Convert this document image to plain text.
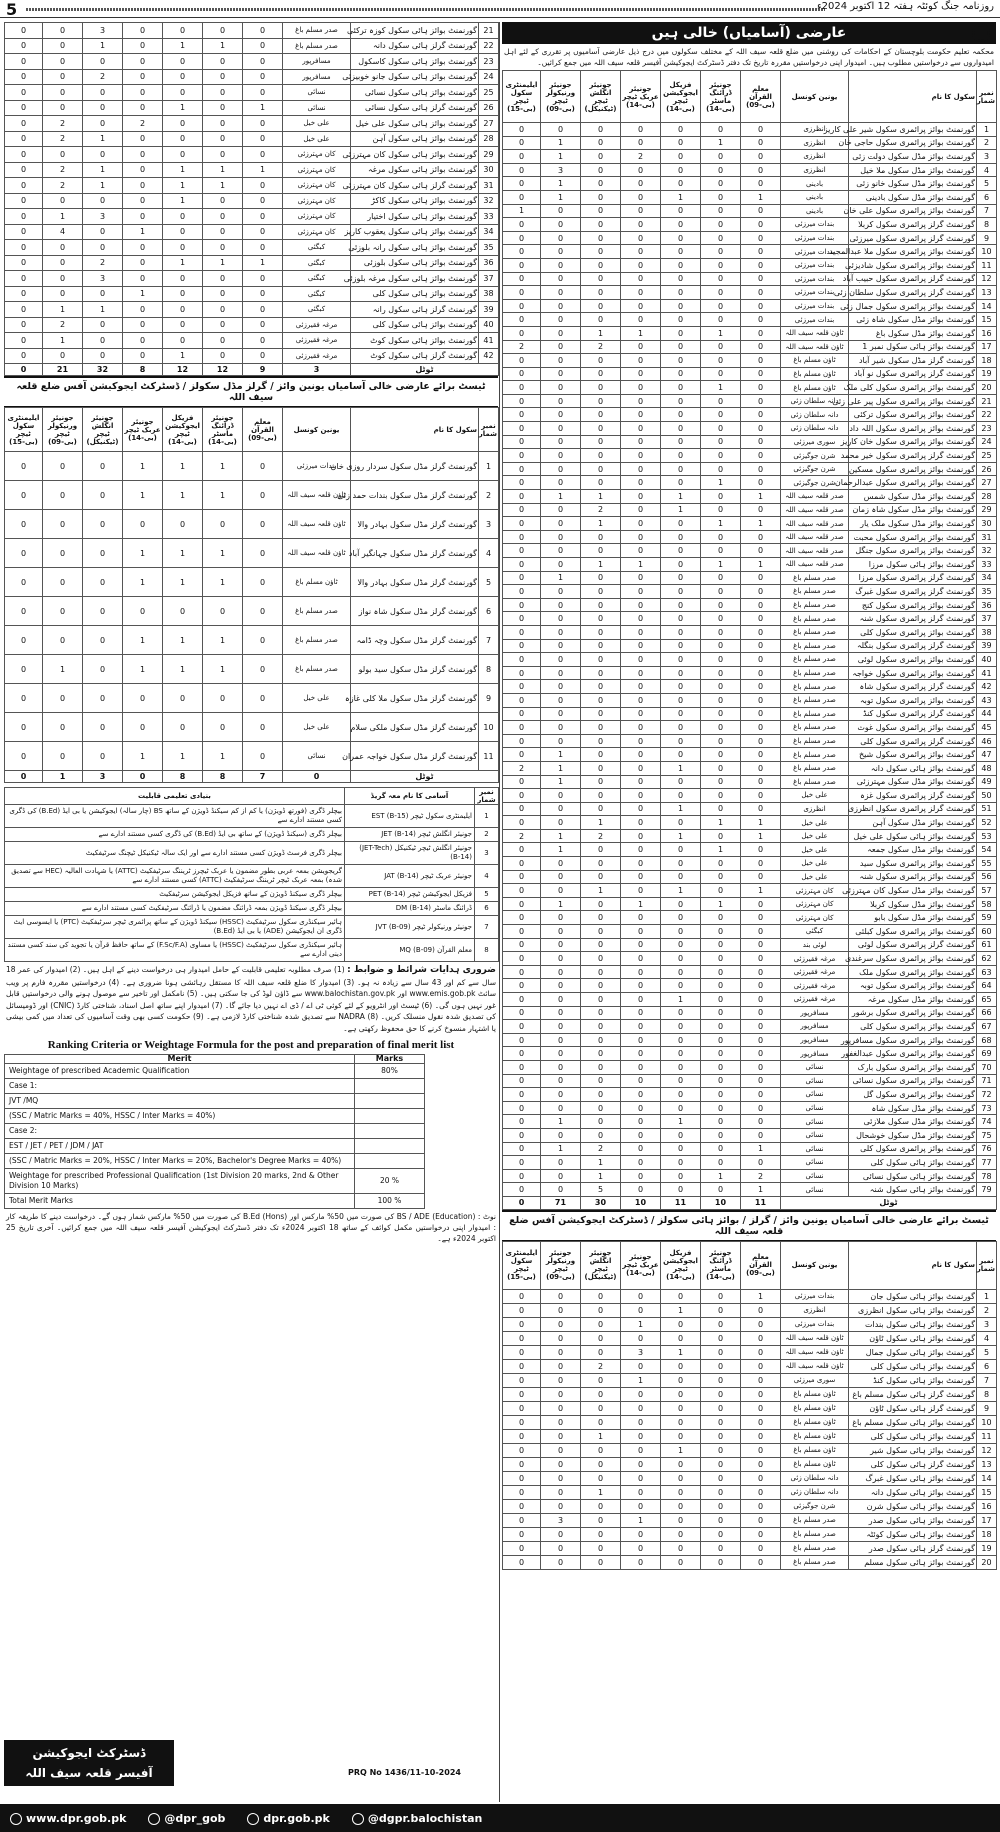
5	روزنامہ جنگ کوئٹہ ہفتہ 12 اکتوبر 2024ء
عارضی (آسامیاں) خالی ہیں
محکمہ تعلیم حکومت بلوچستان کے احکامات کی روشنی میں ضلع قلعہ سیف اللہ کے مختلف سکولوں میں درج ذیل عارضی آسامیوں پر تقرری کے لئے اہل امیدواروں سے درخواستیں مطلوب ہیں۔ امیدوار اپنی درخواستیں مقررہ تاریخ تک دفتر ڈسٹرکٹ ایجوکیشن آفیسر قلعہ سیف اللہ میں جمع کرائیں۔
نمبر شمار	سکول کا نام	یونین کونسل	معلم القرآن (بی-09)	جونیئر ڈرائنگ ماسٹر (بی-14)	فزیکل ایجوکیشن ٹیچر (بی-14)	جونیئر عربک ٹیچر (بی-14)	جونیئر انگلش ٹیچر (ٹیکنیکل)	جونیئر ورنیکولر ٹیچر (بی-09)	ایلیمنٹری سکول ٹیچر (بی-15)
1	گورنمنٹ بوائز پرائمری سکول شیر علی کاریز	انظرزی	0	0	0	0	0	0	0
2	گورنمنٹ بوائز پرائمری سکول حاجی خان	انظرزی	0	1	0	0	0	1	0
3	گورنمنٹ بوائز مڈل سکول دولت زئی	انظرزی	0	0	0	2	0	1	0
4	گورنمنٹ بوائز مڈل سکول ملا خیل	انظرزی	0	0	0	0	0	3	0
5	گورنمنٹ بوائز مڈل سکول خانو زئی	بادینی	0	0	0	0	0	1	0
6	گورنمنٹ بوائز مڈل سکول بادینی	بادینی	1	0	1	0	0	1	0
7	گورنمنٹ بوائز پرائمری سکول علی خان	بادینی	0	0	0	0	0	0	1
8	گورنمنٹ گرلز پرائمری سکول کربلا	بندات میرزئی	0	0	0	0	0	0	0
9	گورنمنٹ گرلز پرائمری سکول میرزئی	بندات میرزئی	0	0	0	0	0	0	0
10	گورنمنٹ بوائز پرائمری سکول ملا عبدالمجید	بندات میرزئی	0	0	0	0	0	0	0
11	گورنمنٹ بوائز پرائمری سکول شادیزئی	بندات میرزئی	0	0	0	0	0	0	0
12	گورنمنٹ گرلز پرائمری سکول حبیب آباد	بندات میرزئی	0	0	0	0	0	0	0
13	گورنمنٹ گرلز پرائمری سکول سلطان زئی	بندات میرزئی	0	0	0	0	0	0	0
14	گورنمنٹ بوائز پرائمری سکول جمال زئی	بندات میرزئی	0	0	0	0	0	0	0
15	گورنمنٹ بوائز مڈل سکول شاہ زئی	بندات میرزئی	0	0	0	0	0	0	0
16	گورنمنٹ بوائز مڈل سکول باغ	ٹاؤن قلعہ سیف اللہ	0	1	0	1	1	0	0
17	گورنمنٹ بوائز ہائی سکول نمبر 1	ٹاؤن قلعہ سیف اللہ	0	0	0	0	2	0	2
18	گورنمنٹ گرلز مڈل سکول شیر آباد	ٹاؤن مسلم باغ	0	0	0	0	0	0	0
19	گورنمنٹ گرلز پرائمری سکول نو آباد	ٹاؤن مسلم باغ	0	0	0	0	0	0	0
20	گورنمنٹ بوائز پرائمری سکول کلی ملک	ٹاؤن مسلم باغ	0	1	0	0	0	0	0
21	گورنمنٹ بوائز پرائمری سکول پیر علی زئی	دانہ سلطان زئی	0	0	0	0	0	0	0
22	گورنمنٹ بوائز پرائمری سکول ترکئی	دانہ سلطان زئی	0	0	0	0	0	0	0
23	گورنمنٹ بوائز پرائمری سکول اللہ داد	دانہ سلطان زئی	0	0	0	0	0	0	0
24	گورنمنٹ بوائز پرائمری سکول خان کاریز	سوری میرزئی	0	0	0	0	0	0	0
25	گورنمنٹ گرلز پرائمری سکول خیر محمد	شرن جوگیزئی	0	0	0	0	0	0	0
26	گورنمنٹ بوائز پرائمری سکول مسکین	شرن جوگیزئی	0	0	0	0	0	0	0
27	گورنمنٹ بوائز پرائمری سکول عبدالرحمان	شرن جوگیزئی	0	1	0	0	0	0	0
28	گورنمنٹ بوائز مڈل سکول شمس	صدر قلعہ سیف اللہ	1	0	1	0	1	1	0
29	گورنمنٹ بوائز مڈل سکول شاہ زمان	صدر قلعہ سیف اللہ	0	0	1	0	2	0	0
30	گورنمنٹ بوائز مڈل سکول ملک یار	صدر قلعہ سیف اللہ	1	1	0	0	1	0	0
31	گورنمنٹ بوائز پرائمری سکول محبت	صدر قلعہ سیف اللہ	0	0	0	0	0	0	0
32	گورنمنٹ بوائز پرائمری سکول جنگل	صدر قلعہ سیف اللہ	0	0	0	0	0	0	0
33	گورنمنٹ بوائز ہائی سکول مرزا	صدر قلعہ سیف اللہ	1	1	0	1	1	0	0
34	گورنمنٹ گرلز پرائمری سکول مرزا	صدر مسلم باغ	0	0	0	0	0	1	0
35	گورنمنٹ گرلز پرائمری سکول غبرگ	صدر مسلم باغ	0	0	0	0	0	0	0
36	گورنمنٹ بوائز پرائمری سکول کنج	صدر مسلم باغ	0	0	0	0	0	0	0
37	گورنمنٹ گرلز پرائمری سکول شنہ	صدر مسلم باغ	0	0	0	0	0	0	0
38	گورنمنٹ بوائز پرائمری سکول کلی	صدر مسلم باغ	0	0	0	0	0	0	0
39	گورنمنٹ گرلز پرائمری سکول بنگلہ	صدر مسلم باغ	0	0	0	0	0	0	0
40	گورنمنٹ بوائز پرائمری سکول لوئی	صدر مسلم باغ	0	0	0	0	0	0	0
41	گورنمنٹ بوائز پرائمری سکول خواجہ	صدر مسلم باغ	0	0	0	0	0	0	0
42	گورنمنٹ گرلز پرائمری سکول شاہ	صدر مسلم باغ	0	0	0	0	0	0	0
43	گورنمنٹ بوائز پرائمری سکول توبہ	صدر مسلم باغ	0	0	0	0	0	0	0
44	گورنمنٹ گرلز پرائمری سکول کنڈ	صدر مسلم باغ	0	0	0	0	0	0	0
45	گورنمنٹ بوائز پرائمری سکول غوث	صدر مسلم باغ	0	0	0	0	0	0	0
46	گورنمنٹ گرلز پرائمری سکول کلی	صدر مسلم باغ	0	0	0	0	0	0	0
47	گورنمنٹ بوائز پرائمری سکول شیخ	صدر مسلم باغ	0	0	0	0	0	1	0
48	گورنمنٹ بوائز ہائی سکول دانہ	صدر مسلم باغ	0	0	1	0	0	1	2
49	گورنمنٹ بوائز مڈل سکول مہترزئی	صدر مسلم باغ	0	0	0	0	0	1	0
50	گورنمنٹ گرلز پرائمری سکول غزہ	علی خیل	0	0	0	0	0	0	0
51	گورنمنٹ گرلز پرائمری سکول انظرزی	انظرزی	0	0	1	0	0	0	0
52	گورنمنٹ بوائز مڈل سکول آہن	علی خیل	1	1	0	0	1	0	0
53	گورنمنٹ بوائز ہائی سکول علی خیل	علی خیل	1	0	1	0	2	1	2
54	گورنمنٹ بوائز مڈل سکول جمعہ	علی خیل	0	1	0	0	0	1	0
55	گورنمنٹ بوائز پرائمری سکول سید	علی خیل	0	0	0	0	0	0	0
56	گورنمنٹ بوائز پرائمری سکول شنہ	علی خیل	0	0	0	0	0	0	0
57	گورنمنٹ بوائز مڈل سکول کان مہترزئی	کان مہترزئی	1	0	1	0	1	0	0
58	گورنمنٹ بوائز مڈل سکول کربلا	کان مہترزئی	0	1	0	1	0	1	0
59	گورنمنٹ بوائز مڈل سکول بابو	کان مہترزئی	0	0	0	0	0	0	0
60	گورنمنٹ بوائز پرائمری سکول کبلئی	کبگئی	0	0	0	0	0	0	0
61	گورنمنٹ گرلز پرائمری سکول لوئی	لوئی بند	0	0	0	0	0	0	0
62	گورنمنٹ بوائز پرائمری سکول سرغندی	مرغہ فقیرزئی	0	0	0	0	0	0	0
63	گورنمنٹ بوائز پرائمری سکول ملک	مرغہ فقیرزئی	0	0	0	0	0	0	0
64	گورنمنٹ بوائز پرائمری سکول توبہ	مرغہ فقیرزئی	0	0	0	0	0	0	0
65	گورنمنٹ بوائز مڈل سکول مرغہ	مرغہ فقیرزئی	0	0	1	0	0	0	0
66	گورنمنٹ بوائز پرائمری سکول برشور	مسافرپور	0	0	0	0	0	0	0
67	گورنمنٹ بوائز پرائمری سکول کلی	مسافرپور	0	0	0	0	0	0	0
68	گورنمنٹ بوائز پرائمری سکول مسافرپور	مسافرپور	0	0	0	0	0	0	0
69	گورنمنٹ بوائز پرائمری سکول عبدالغفور	مسافرپور	0	0	0	0	0	0	0
70	گورنمنٹ بوائز پرائمری سکول بارک	نسائی	0	0	0	0	0	0	0
71	گورنمنٹ بوائز پرائمری سکول نسائی	نسائی	0	0	0	0	0	0	0
72	گورنمنٹ بوائز پرائمری سکول گل	نسائی	0	0	0	0	0	0	0
73	گورنمنٹ بوائز مڈل سکول شاہ	نسائی	0	0	0	0	0	0	0
74	گورنمنٹ بوائز مڈل سکول ملازئی	نسائی	0	0	1	0	0	1	0
75	گورنمنٹ بوائز مڈل سکول خوشحال	نسائی	0	0	0	0	0	0	0
76	گورنمنٹ بوائز پرائمری سکول کلی	نسائی	1	0	0	0	2	1	0
77	گورنمنٹ بوائز ہائی سکول کلی	نسائی	0	0	0	0	1	0	0
78	گورنمنٹ بوائز ہائی سکول نسائی	نسائی	2	1	0	0	1	0	0
79	گورنمنٹ بوائز ہائی سکول شنہ	نسائی	1	0	0	0	5	0	0
ٹوٹل			11	10	11	10	30	71	0
ٹیسٹ برائے عارضی خالی آسامیاں یونین وائز / گرلز / بوائز ہائی سکولز / ڈسٹرکٹ ایجوکیشن آفس ضلع قلعہ سیف اللہ
نمبر شمار	سکول کا نام	یونین کونسل	معلم القرآن (بی-09)	جونیئر ڈرائنگ ماسٹر (بی-14)	فزیکل ایجوکیشن ٹیچر (بی-14)	جونیئر عربک ٹیچر (بی-14)	جونیئر انگلش ٹیچر (ٹیکنیکل)	جونیئر ورنیکولر ٹیچر (بی-09)	ایلیمنٹری سکول ٹیچر (بی-15)
1	گورنمنٹ بوائز ہائی سکول جان	بندات میرزئی	1	0	0	0	0	0	0
2	گورنمنٹ بوائز ہائی سکول انظرزی	انظرزی	0	0	1	0	0	0	0
3	گورنمنٹ بوائز ہائی سکول بندات	بندات میرزئی	0	0	0	1	0	0	0
4	گورنمنٹ بوائز ہائی سکول ٹاؤن	ٹاؤن قلعہ سیف اللہ	0	0	0	0	0	0	0
5	گورنمنٹ بوائز ہائی سکول جمال	ٹاؤن قلعہ سیف اللہ	0	0	1	3	0	0	0
6	گورنمنٹ بوائز ہائی سکول کلی	ٹاؤن قلعہ سیف اللہ	0	0	0	0	2	0	0
7	گورنمنٹ بوائز ہائی سکول کنڈ	سوری میرزئی	0	0	0	1	0	0	0
8	گورنمنٹ گرلز ہائی سکول مسلم باغ	ٹاؤن مسلم باغ	0	0	0	0	0	0	0
9	گورنمنٹ گرلز ہائی سکول ٹاؤن	ٹاؤن مسلم باغ	0	0	0	0	0	0	0
10	گورنمنٹ بوائز ہائی سکول مسلم باغ	ٹاؤن مسلم باغ	0	0	0	0	0	0	0
11	گورنمنٹ بوائز ہائی سکول کلی	ٹاؤن مسلم باغ	0	0	0	0	1	0	0
12	گورنمنٹ بوائز ہائی سکول شیر	ٹاؤن مسلم باغ	0	0	1	0	0	0	0
13	گورنمنٹ گرلز ہائی سکول کلی	ٹاؤن مسلم باغ	0	0	0	0	0	0	0
14	گورنمنٹ بوائز ہائی سکول غبرگ	دانہ سلطان زئی	0	0	0	0	0	0	0
15	گورنمنٹ بوائز ہائی سکول دانہ	دانہ سلطان زئی	0	0	0	0	1	0	0
16	گورنمنٹ بوائز ہائی سکول شرن	شرن جوگیزئی	0	0	0	0	0	0	0
17	گورنمنٹ بوائز ہائی سکول صدر	صدر مسلم باغ	0	0	0	1	0	3	0
18	گورنمنٹ بوائز ہائی سکول کوئٹہ	صدر مسلم باغ	0	0	0	0	0	0	0
19	گورنمنٹ گرلز ہائی سکول صدر	صدر مسلم باغ	0	0	0	0	0	0	0
20	گورنمنٹ بوائز ہائی سکول مسلم	صدر مسلم باغ	0	0	0	0	0	0	0
21	گورنمنٹ بوائز ہائی سکول کوزہ ترکئی	صدر مسلم باغ	0	0	0	0	3	0	0
22	گورنمنٹ گرلز ہائی سکول دانہ	صدر مسلم باغ	0	1	1	0	1	0	0
23	گورنمنٹ بوائز ہائی سکول کاسکول	مسافرپور	0	0	0	0	0	0	0
24	گورنمنٹ بوائز ہائی سکول جانو خوبیزئی	مسافرپور	0	0	0	0	2	0	0
25	گورنمنٹ بوائز ہائی سکول نسائی	نسائی	0	0	0	0	0	0	0
26	گورنمنٹ گرلز ہائی سکول نسائی	نسائی	1	0	1	0	0	0	0
27	گورنمنٹ بوائز ہائی سکول علی خیل	علی خیل	0	0	0	2	0	2	0
28	گورنمنٹ بوائز ہائی سکول آہن	علی خیل	0	0	0	0	1	2	0
29	گورنمنٹ بوائز ہائی سکول کان مہترزئی	کان مہترزئی	0	0	0	0	0	0	0
30	گورنمنٹ بوائز ہائی سکول مرغہ	کان مہترزئی	1	1	1	0	1	2	0
31	گورنمنٹ گرلز ہائی سکول کان مہترزئی	کان مہترزئی	0	1	1	0	1	2	0
32	گورنمنٹ بوائز ہائی سکول کاکڑ	کان مہترزئی	0	0	1	0	0	0	0
33	گورنمنٹ بوائز ہائی سکول اختیار	کان مہترزئی	0	0	0	0	3	1	0
34	گورنمنٹ بوائز ہائی سکول یعقوب کاریز	کان مہترزئی	0	0	0	1	0	4	0
35	گورنمنٹ بوائز ہائی سکول رانہ بلوزئی	کبگئی	0	0	0	0	0	0	0
36	گورنمنٹ بوائز ہائی سکول بلوزئی	کبگئی	1	1	1	0	2	0	0
37	گورنمنٹ بوائز ہائی سکول مرغہ بلوزئی	کبگئی	0	0	0	0	3	0	0
38	گورنمنٹ بوائز ہائی سکول کلی	کبگئی	0	0	0	1	0	0	0
39	گورنمنٹ گرلز ہائی سکول رانہ	کبگئی	0	0	0	0	1	1	0
40	گورنمنٹ بوائز ہائی سکول کلی	مرغہ فقیرزئی	0	0	0	0	0	2	0
41	گورنمنٹ بوائز ہائی سکول کوٹ	مرغہ فقیرزئی	0	0	0	0	0	1	0
42	گورنمنٹ گرلز ہائی سکول کوٹ	مرغہ فقیرزئی	0	0	1	0	0	0	0
ٹوٹل		3	9	12	12	8	32	21	0
ٹیسٹ برائے عارضی خالی آسامیاں یونین وائز / گرلز مڈل سکولز / ڈسٹرکٹ ایجوکیشن آفس ضلع قلعہ سیف اللہ
نمبر شمار	سکول کا نام	یونین کونسل	معلم القرآن (بی-09)	جونیئر ڈرائنگ ماسٹر (بی-14)	فزیکل ایجوکیشن ٹیچر (بی-14)	جونیئر عربک ٹیچر (بی-14)	جونیئر انگلش ٹیچر (ٹیکنیکل)	جونیئر ورنیکولر ٹیچر (بی-09)	ایلیمنٹری سکول ٹیچر (بی-15)
1	گورنمنٹ گرلز مڈل سکول سردار روزی خان	بندات میرزئی	0	1	1	1	0	0	0
2	گورنمنٹ گرلز مڈل سکول بندات حمد زئی	ٹاؤن قلعہ سیف اللہ	0	1	1	1	0	0	0
3	گورنمنٹ گرلز مڈل سکول بہادر والا	ٹاؤن قلعہ سیف اللہ	0	0	0	0	0	0	0
4	گورنمنٹ گرلز مڈل سکول جہانگیر آباد	ٹاؤن قلعہ سیف اللہ	0	1	1	1	0	0	0
5	گورنمنٹ گرلز مڈل سکول بہادر والا	ٹاؤن مسلم باغ	0	1	1	1	0	0	0
6	گورنمنٹ گرلز مڈل سکول شاہ نواز	صدر مسلم باغ	0	0	0	0	0	0	0
7	گورنمنٹ گرلز مڈل سکول وچہ ڈامہ	صدر مسلم باغ	0	1	1	1	0	0	0
8	گورنمنٹ گرلز مڈل سکول سید بولو	صدر مسلم باغ	0	1	1	1	0	1	0
9	گورنمنٹ گرلز مڈل سکول ملا کلی غازہ	علی خیل	0	0	0	0	0	0	0
10	گورنمنٹ گرلز مڈل سکول ملکی سلام	علی خیل	0	0	0	0	0	0	0
11	گورنمنٹ گرلز مڈل سکول خواجہ عمران	نسائی	0	1	1	1	0	0	0
ٹوٹل		0	7	8	8	0	3	1	0
نمبر شمار	آسامی کا نام معہ گریڈ	بنیادی تعلیمی قابلیت
1	ایلیمنٹری سکول ٹیچر EST (B-15)	بیچلر ڈگری (فورتھ ڈویژن) یا کم از کم سیکنڈ ڈویژن کے ساتھ BS (چار سالہ) ایجوکیشن یا بی ایڈ (B.Ed) کی ڈگری کسی مستند ادارے سے
2	جونیئر انگلش ٹیچر JET (B-14)	بیچلر ڈگری (سیکنڈ ڈویژن) کے ساتھ بی ایڈ (B.Ed) کی ڈگری کسی مستند ادارے سے
3	جونیئر انگلش ٹیچر ٹیکنیکل (JET-Tech) (B-14)	بیچلر ڈگری فرسٹ ڈویژن کسی مستند ادارے سے اور ایک سالہ ٹیکنیکل ٹیچنگ سرٹیفکیٹ
4	جونیئر عربک ٹیچر JAT (B-14)	گریجویشن بمعہ عربی بطور مضمون یا عربک ٹیچرز ٹریننگ سرٹیفکیٹ (ATTC) یا شہادت العالیہ (HEC سے تصدیق شدہ) بمعہ عربک ٹیچر ٹریننگ سرٹیفکیٹ (ATTC) کسی مستند ادارے سے
5	فزیکل ایجوکیشن ٹیچر PET (B-14)	بیچلر ڈگری سیکنڈ ڈویژن کے ساتھ فزیکل ایجوکیشن سرٹیفکیٹ
6	ڈرائنگ ماسٹر DM (B-14)	بیچلر ڈگری سیکنڈ ڈویژن بمعہ ڈرائنگ مضمون یا ڈرائنگ سرٹیفکیٹ کسی مستند ادارے سے
7	جونیئر ورنیکولر ٹیچر JVT (B-09)	ہائیر سیکنڈری سکول سرٹیفکیٹ (HSSC) سیکنڈ ڈویژن کے ساتھ پرائمری ٹیچر سرٹیفکیٹ (PTC) یا ایسوسی ایٹ ڈگری ان ایجوکیشن (ADE) یا بی ایڈ (B.Ed)
8	معلم القرآن MQ (B-09)	ہائیر سیکنڈری سکول سرٹیفکیٹ (HSSC) یا مساوی (F.Sc/F.A) کے ساتھ حافظ قرآن یا تجوید کی سند کسی مستند دینی ادارے سے
ضروری ہدایات شرائط و ضوابط : (1) صرف مطلوبہ تعلیمی قابلیت کے حامل امیدوار ہی درخواست دینے کے اہل ہیں۔ (2) امیدوار کی عمر 18 سال سے کم اور 43 سال سے زیادہ نہ ہو۔ (3) امیدوار کا ضلع قلعہ سیف اللہ کا مستقل رہائشی ہونا ضروری ہے۔ (4) درخواستیں مقررہ فارم پر ویب سائٹ www.emis.gob.pk اور www.balochistan.gov.pk سے ڈاؤن لوڈ کی جا سکتی ہیں۔ (5) نامکمل اور تاخیر سے موصول ہونے والی درخواستیں قابل غور نہیں ہوں گی۔ (6) ٹیسٹ اور انٹرویو کے لئے کوئی ٹی اے / ڈی اے نہیں دیا جائے گا۔ (7) امیدوار اپنے ساتھ اصل اسناد، شناختی کارڈ (CNIC) اور ڈومیسائل کی تصدیق شدہ نقول منسلک کریں۔ (8) NADRA سے تصدیق شدہ شناختی کارڈ لازمی ہے۔ (9) حکومت کسی بھی وقت آسامیوں کی تعداد میں کمی بیشی یا اشتہار منسوخ کرنے کا حق محفوظ رکھتی ہے۔
Ranking Criteria or Weightage Formula for the post and preparation of final merit list
Merit	Marks
Weightage of prescribed Academic Qualification	80%
Case 1:	
JVT /MQ	
(SSC / Matric Marks = 40%, HSSC / Inter Marks = 40%)	
Case 2:	
EST / JET / PET / JDM / JAT	
(SSC / Matric Marks = 20%, HSSC / Inter Marks = 20%, Bachelor's Degree Marks = 40%)	
Weightage for prescribed Professional Qualification (1st Division 20 marks, 2nd & Other Division 10 Marks)	20 %
Total Merit Marks	100 %
نوٹ : (Education) BS / ADE کی صورت میں 50% مارکس اور B.Ed (Hons) کی صورت میں 50% مارکس شمار ہوں گے۔ درخواست دینے کا طریقہ کار : امیدوار اپنی درخواستیں مکمل کوائف کے ساتھ 18 اکتوبر 2024ء تک دفتر ڈسٹرکٹ ایجوکیشن آفیسر قلعہ سیف اللہ میں جمع کرائیں۔ آخری تاریخ 25 اکتوبر 2024ء ہے۔
ڈسٹرکٹ ایجوکیشن
آفیسر قلعہ سیف اللہ	PRQ No 1436/11-10-2024
www.dpr.gob.pk	@dpr_gob	dpr.gob.pk	@dgpr.balochistan
